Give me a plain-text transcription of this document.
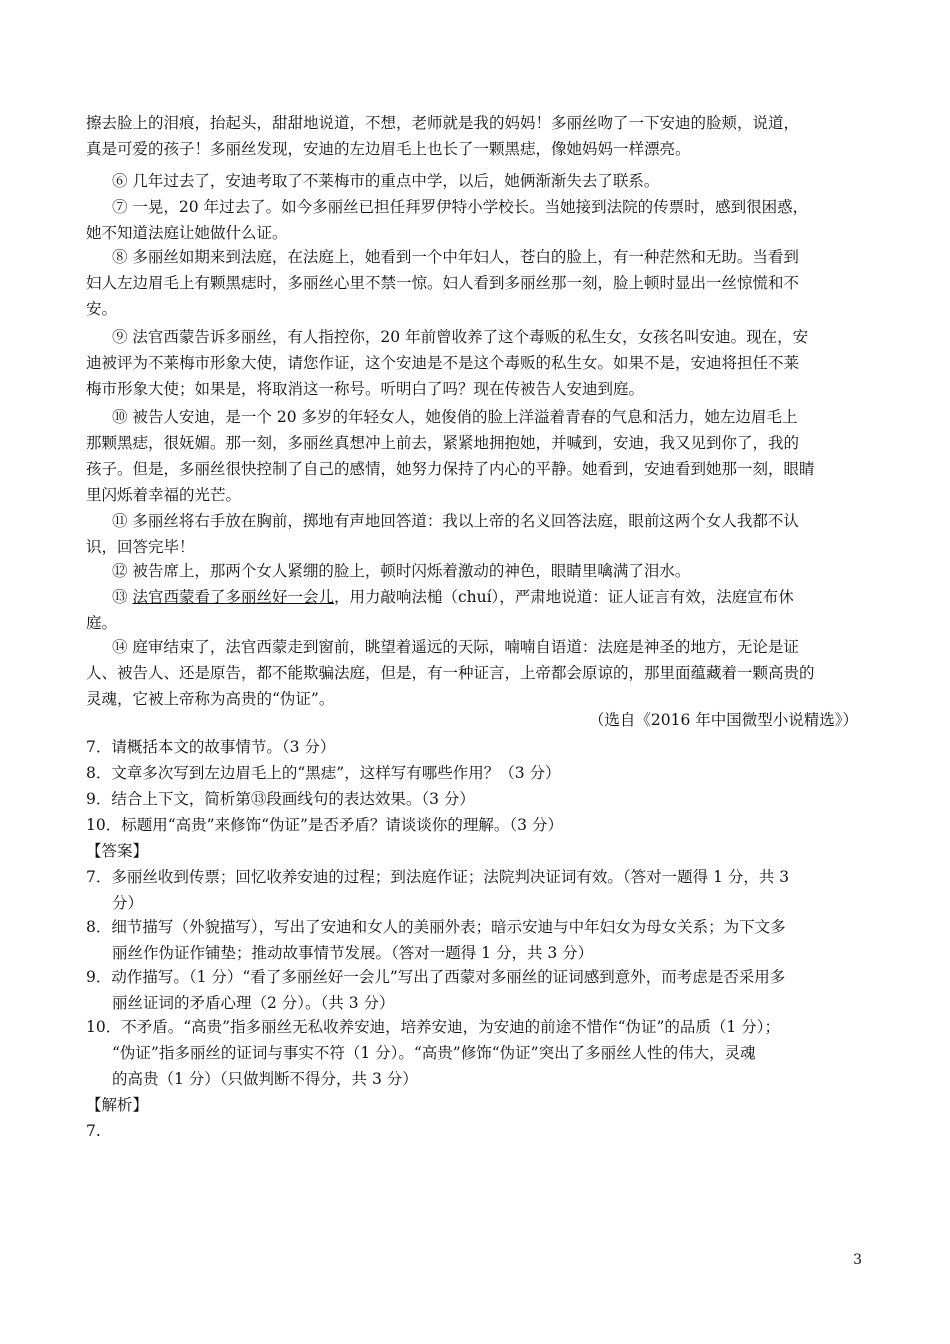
擦去脸上的泪痕，抬起头，甜甜地说道，不想，老师就是我的妈妈！多丽丝吻了一下安迪的脸颊，说道，
真是可爱的孩子！多丽丝发现，安迪的左边眉毛上也长了一颗黑痣，像她妈妈一样漂亮。
⑥ 几年过去了，安迪考取了不莱梅市的重点中学，以后，她俩渐渐失去了联系。
⑦ 一晃，20 年过去了。如今多丽丝已担任拜罗伊特小学校长。当她接到法院的传票时，感到很困惑，
她不知道法庭让她做什么证。
⑧ 多丽丝如期来到法庭，在法庭上，她看到一个中年妇人，苍白的脸上，有一种茫然和无助。当看到
妇人左边眉毛上有颗黑痣时，多丽丝心里不禁一惊。妇人看到多丽丝那一刻，脸上顿时显出一丝惊慌和不
安。
⑨ 法官西蒙告诉多丽丝，有人指控你，20 年前曾收养了这个毒贩的私生女，女孩名叫安迪。现在，安
迪被评为不莱梅市形象大使，请您作证，这个安迪是不是这个毒贩的私生女。如果不是，安迪将担任不莱
梅市形象大使；如果是，将取消这一称号。听明白了吗？现在传被告人安迪到庭。
⑩ 被告人安迪，是一个 20 多岁的年轻女人，她俊俏的脸上洋溢着青春的气息和活力，她左边眉毛上
那颗黑痣，很妩媚。那一刻，多丽丝真想冲上前去，紧紧地拥抱她，并喊到，安迪，我又见到你了，我的
孩子。但是，多丽丝很快控制了自己的感情，她努力保持了内心的平静。她看到，安迪看到她那一刻，眼睛
里闪烁着幸福的光芒。
⑪ 多丽丝将右手放在胸前，掷地有声地回答道：我以上帝的名义回答法庭，眼前这两个女人我都不认
识，回答完毕！
⑫ 被告席上，那两个女人紧绷的脸上，顿时闪烁着激动的神色，眼睛里噙满了泪水。
⑬ 法官西蒙看了多丽丝好一会儿，用力敲响法槌（chuí），严肃地说道：证人证言有效，法庭宣布休
庭。
⑭ 庭审结束了，法官西蒙走到窗前，眺望着遥远的天际，喃喃自语道：法庭是神圣的地方，无论是证
人、被告人、还是原告，都不能欺骗法庭，但是，有一种证言，上帝都会原谅的，那里面蕴藏着一颗高贵的
灵魂，它被上帝称为高贵的“伪证”。
（选自《2016 年中国微型小说精选》）
7．请概括本文的故事情节。（3 分）
8．文章多次写到左边眉毛上的“黑痣”，这样写有哪些作用？（3 分）
9．结合上下文，简析第⑬段画线句的表达效果。（3 分）
10．标题用“高贵”来修饰“伪证”是否矛盾？请谈谈你的理解。（3 分）
【答案】
7．多丽丝收到传票；回忆收养安迪的过程；到法庭作证；法院判决证词有效。（答对一题得 1 分，共 3
分）
8．细节描写（外貌描写），写出了安迪和女人的美丽外表；暗示安迪与中年妇女为母女关系；为下文多
丽丝作伪证作铺垫；推动故事情节发展。（答对一题得 1 分，共 3 分）
9．动作描写。（1 分）“看了多丽丝好一会儿”写出了西蒙对多丽丝的证词感到意外，而考虑是否采用多
丽丝证词的矛盾心理（2 分）。（共 3 分）
10．不矛盾。“高贵”指多丽丝无私收养安迪，培养安迪，为安迪的前途不惜作“伪证”的品质（1 分）；
“伪证”指多丽丝的证词与事实不符（1 分）。“高贵”修饰“伪证”突出了多丽丝人性的伟大，灵魂
的高贵（1 分）（只做判断不得分，共 3 分）
【解析】
7.
3
